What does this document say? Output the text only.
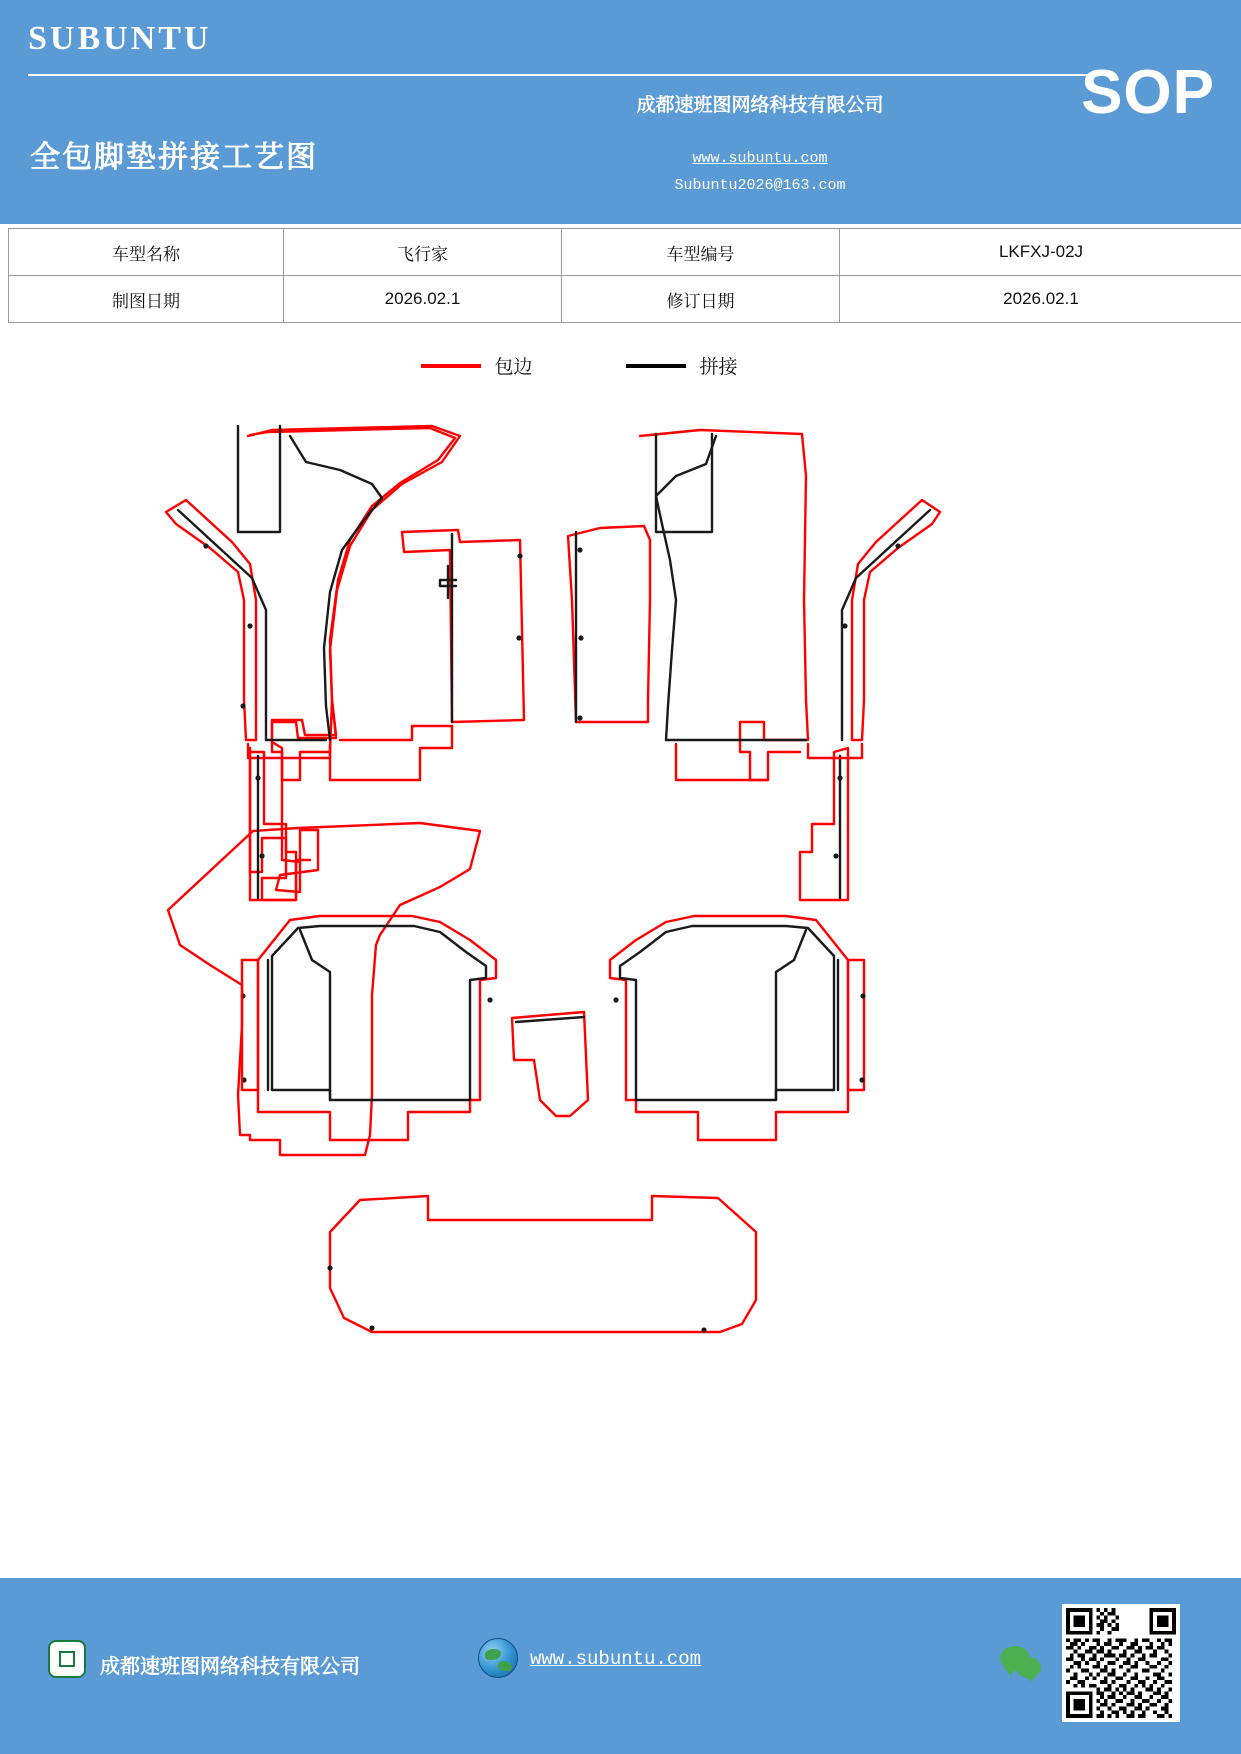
SUBUNTU
全包脚垫拼接工艺图
成都速班图网络科技有限公司	SOP
www.subuntu.com
Subuntu2026@163.com
车型名称	飞行家	车型编号	LKFXJ-02J
制图日期	2026.02.1	修订日期	2026.02.1
包边	拼接
成都速班图网络科技有限公司	www.subuntu.com
